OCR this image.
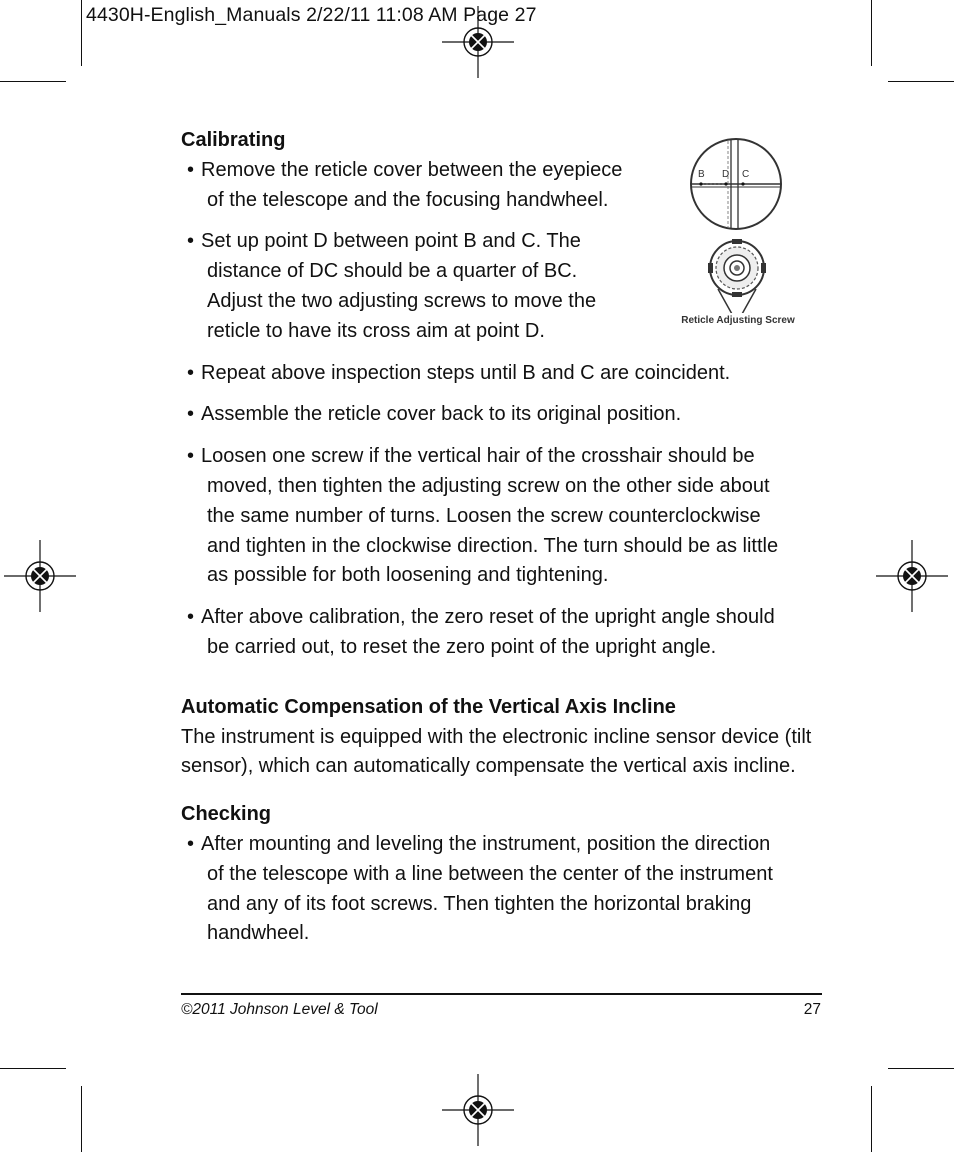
4430H-English_Manuals 2/22/11 11:08 AM Page 27
B D C
Reticle Adjusting Screw

Calibrating

• Remove the reticle cover between the eyepiece
of the telescope and the focusing handwheel.
• Set up point D between point B and C. The
distance of DC should be a quarter of BC.
Adjust the two adjusting screws to move the
reticle to have its cross aim at point D.
• Repeat above inspection steps until B and C are coincident.
• Assemble the reticle cover back to its original position.
• Loosen one screw if the vertical hair of the crosshair should be
moved, then tighten the adjusting screw on the other side about
the same number of turns. Loosen the screw counterclockwise
and tighten in the clockwise direction. The turn should be as little
as possible for both loosening and tightening.
• After above calibration, the zero reset of the upright angle should
be carried out, to reset the zero point of the upright angle.

Automatic Compensation of the Vertical Axis Incline

The instrument is equipped with the electronic incline sensor device (tilt
sensor), which can automatically compensate the vertical axis incline.

Checking

• After mounting and leveling the instrument, position the direction
of the telescope with a line between the center of the instrument
and any of its foot screws. Then tighten the horizontal braking
handwheel.
©2011 Johnson Level & Tool	27
